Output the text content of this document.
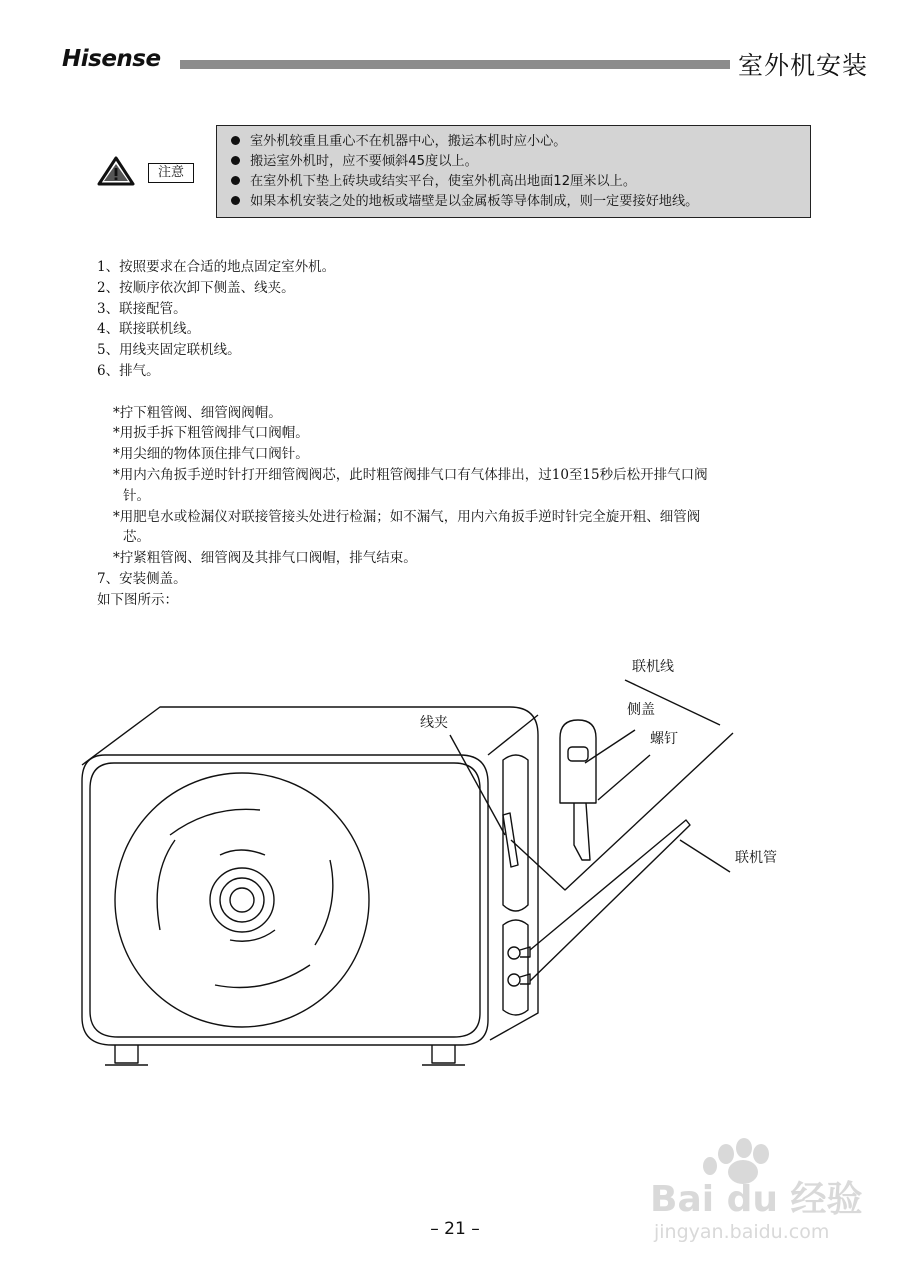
Hisense	室外机安装
注意
室外机较重且重心不在机器中心，搬运本机时应小心。
搬运室外机时，应不要倾斜45度以上。
在室外机下垫上砖块或结实平台，使室外机高出地面12厘米以上。
如果本机安装之处的地板或墙壁是以金属板等导体制成，则一定要接好地线。
1、按照要求在合适的地点固定室外机。
2、按顺序依次卸下侧盖、线夹。
3、联接配管。
4、联接联机线。
5、用线夹固定联机线。
6、排气。
*拧下粗管阀、细管阀阀帽。
*用扳手拆下粗管阀排气口阀帽。
*用尖细的物体顶住排气口阀针。
*用内六角扳手逆时针打开细管阀阀芯，此时粗管阀排气口有气体排出，过10至15秒后松开排气口阀
针。
*用肥皂水或检漏仪对联接管接头处进行检漏；如不漏气，用内六角扳手逆时针完全旋开粗、细管阀
芯。
*拧紧粗管阀、细管阀及其排气口阀帽，排气结束。
7、安装侧盖。
如下图所示：
联机线
侧盖
螺钉
线夹
联机管
Bai du 经验
jingyan.baidu.com
– 21 –
